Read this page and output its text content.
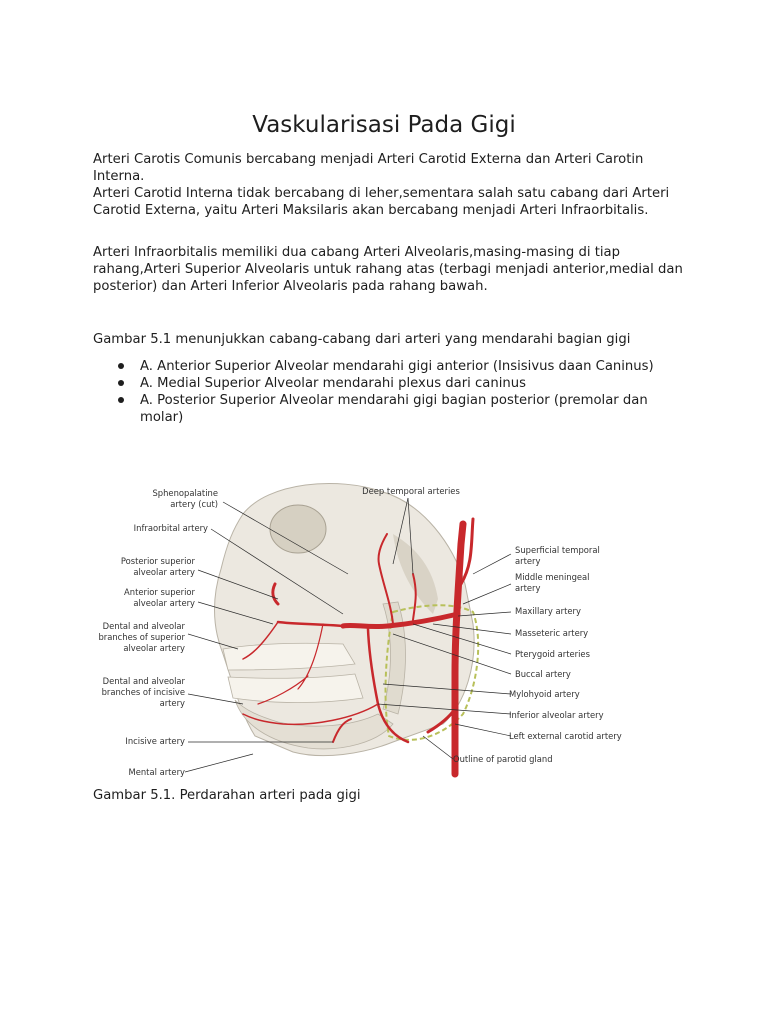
Vaskularisasi Pada Gigi

Arteri Carotis Comunis bercabang menjadi Arteri Carotid Externa dan Arteri Carotin Interna.
Arteri Carotid Interna tidak bercabang di leher,sementara salah satu cabang dari Arteri Carotid Externa, yaitu Arteri Maksilaris akan bercabang menjadi Arteri Infraorbitalis.

Arteri Infraorbitalis memiliki dua cabang Arteri Alveolaris,masing-masing di tiap rahang,Arteri Superior Alveolaris untuk rahang atas (terbagi menjadi anterior,medial dan posterior) dan Arteri Inferior Alveolaris pada rahang bawah.

Gambar 5.1 menunjukkan cabang-cabang dari arteri yang mendarahi bagian gigi

A. Anterior Superior Alveolar mendarahi gigi anterior (Insisivus daan Caninus)
A. Medial Superior Alveolar mendarahi plexus dari caninus
A. Posterior Superior Alveolar mendarahi gigi bagian posterior (premolar dan molar)
Sphenopalatine
artery (cut)
Infraorbital artery
Posterior superior
alveolar artery
Anterior superior
alveolar artery
Dental and alveolar
branches of superior
alveolar artery
Dental and alveolar
branches of incisive
artery
Incisive artery
Mental artery
Deep temporal arteries
Superficial temporal
artery
Middle meningeal
artery
Maxillary artery
Masseteric artery
Pterygoid arteries
Buccal artery
Mylohyoid artery
Inferior alveolar artery
Left external carotid artery
Outline of parotid gland

Gambar 5.1. Perdarahan arteri pada gigi
